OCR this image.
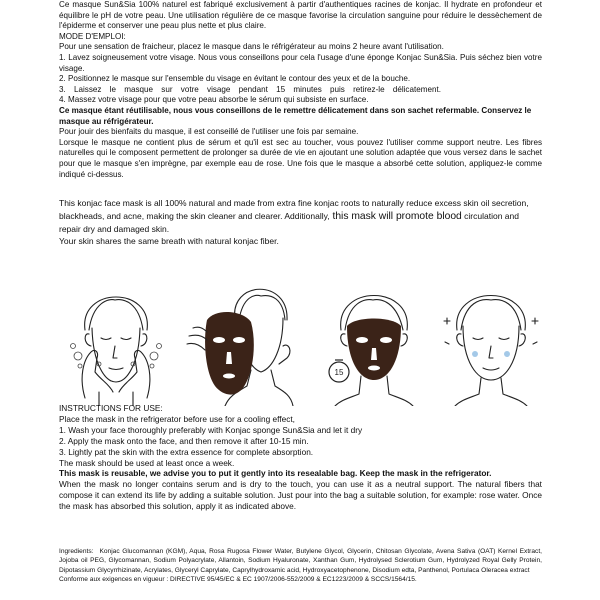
Ce masque Sun&Sia 100% naturel est fabriqué exclusivement à partir d'authentiques racines de konjac. Il hydrate en profondeur et équilibre le pH de votre peau. Une utilisation régulière de ce masque favorise la circulation sanguine pour réduire le dessèchement de l'épiderme et conserver une peau plus nette et plus claire.

MODE D'EMPLOI:

Pour une sensation de fraicheur, placez le masque dans le réfrigérateur au moins 2 heure avant l'utilisation.

1. Lavez soigneusement votre visage. Nous vous conseillons pour cela l'usage d'une éponge Konjac Sun&Sia. Puis séchez bien votre visage.

2. Positionnez le masque sur l'ensemble du visage en évitant le contour des yeux et de la bouche.

3. Laissez le masque sur votre visage pendant 15 minutes puis retirez-le délicatement.

4. Massez votre visage pour que votre peau absorbe le sérum qui subsiste en surface.

Ce masque étant réutilisable, nous vous conseillons de le remettre délicatement dans son sachet refermable. Conservez le masque au réfrigérateur.

Pour jouir des bienfaits du masque, il est conseillé de l'utiliser une fois par semaine.

Lorsque le masque ne contient plus de sérum et qu'il est sec au toucher, vous pouvez l'utiliser comme support neutre. Les fibres naturelles qui le composent permettent de prolonger sa durée de vie en ajoutant une solution adaptée que vous versez dans le sachet pour que le masque s'en imprègne, par exemple eau de rose. Une fois que le masque a absorbé cette solution, appliquez-le comme indiqué ci-dessus.

This konjac face mask is all 100% natural and made from extra fine konjac roots to naturally reduce excess skin oil secretion, blackheads, and acne, making the skin cleaner and clearer. Additionally, this mask will promote blood circulation and repair dry and damaged skin.

Your skin shares the same breath with natural konjac fiber.

15

INSTRUCTIONS FOR USE:

Place the mask in the refrigerator before use for a cooling effect,

1. Wash your face thoroughly preferably with Konjac sponge Sun&Sia and let it dry

2. Apply the mask onto the face, and then remove it after 10-15 min.

3. Lightly pat the skin with the extra essence for complete absorption.

The mask should be used at least once a week.

This mask is reusable, we advise you to put it gently into its resealable bag. Keep the mask in the refrigerator.

When the mask no longer contains serum and is dry to the touch, you can use it as a neutral support. The natural fibers that compose it can extend its life by adding a suitable solution. Just pour into the bag a suitable solution, for example: rose water. Once the mask has absorbed this solution, apply it as indicated above.

Ingredients: Konjac Glucomannan (KGM), Aqua, Rosa Rugosa Flower Water, Butylene Glycol, Glycerin, Chitosan Glycolate, Avena Sativa (OAT) Kernel Extract, Jojoba oil PEG, Glycomannan, Sodium Polyacrylate, Allantoin, Sodium Hyaluronate, Xanthan Gum, Hydrolysed Sclerotium Gum, Hydrolyzed Royal Gelly Protein, Dipotassium Glycyrrhizinate, Acrylates, Glyceryl Caprylate, Caprylhydroxamic acid, Hydroxyacetophenone, Disodium edta, Panthenol, Portulaca Oleracea extract

Conforme aux exigences en vigueur : DIRECTIVE 95/45/EC & EC 1907/2006-552/2009 & EC1223/2009 & SCCS/1564/15.
